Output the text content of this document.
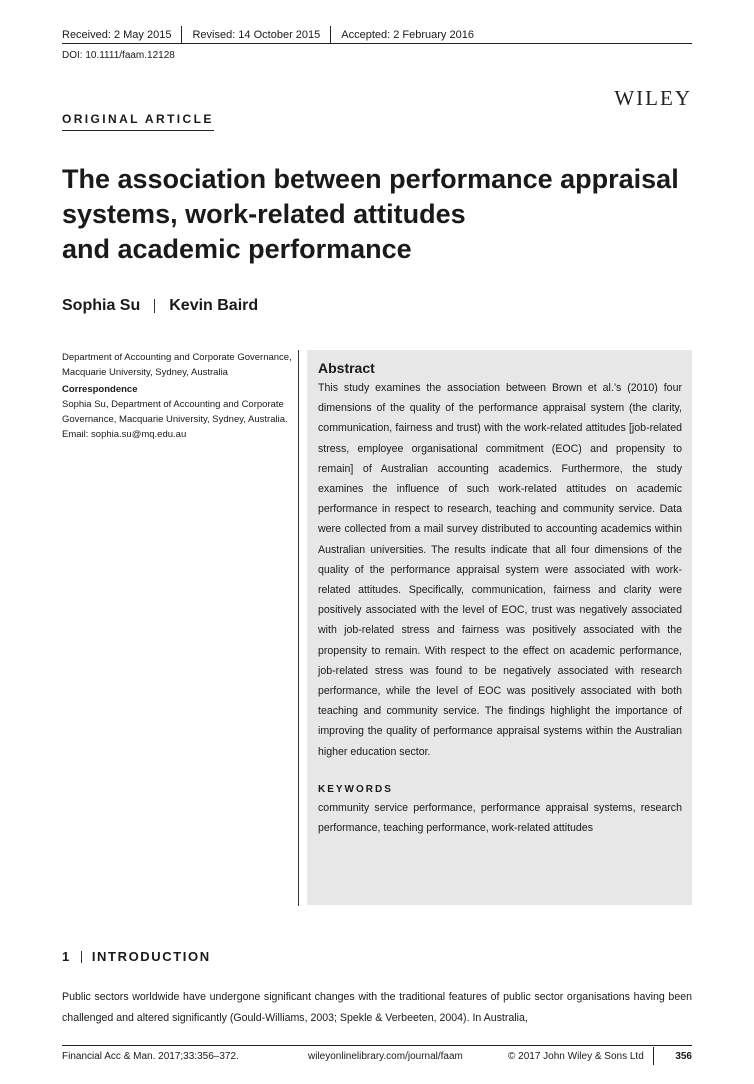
Received: 2 May 2015	Revised: 14 October 2015	Accepted: 2 February 2016
DOI: 10.1111/faam.12128
WILEY
ORIGINAL ARTICLE
The association between performance appraisal
systems, work-related attitudes
and academic performance
Sophia Su Kevin Baird

Department of Accounting and Corporate Governance, Macquarie University, Sydney, Australia

Correspondence

Sophia Su, Department of Accounting and Corporate Governance, Macquarie University, Sydney, Australia.

Email: sophia.su@mq.edu.au

Abstract

This study examines the association between Brown et al.’s (2010) four dimensions of the quality of the performance appraisal system (the clarity, communication, fairness and trust) with the work-related attitudes [job-related stress, employee organisational commitment (EOC) and propensity to remain] of Australian accounting academics. Furthermore, the study examines the influence of such work-related attitudes on academic performance in respect to research, teaching and community service. Data were collected from a mail survey distributed to accounting academics within Australian universities. The results indicate that all four dimensions of the quality of the performance appraisal system were associated with work-related attitudes. Specifically, communication, fairness and clarity were positively associated with the level of EOC, trust was negatively associated with job-related stress and fairness was positively associated with the propensity to remain. With respect to the effect on academic performance, job-related stress was found to be negatively associated with research performance, while the level of EOC was positively associated with both teaching and community service. The findings highlight the importance of improving the quality of performance appraisal systems within the Australian higher education sector.

KEYWORDS

community service performance, performance appraisal systems, research performance, teaching performance, work-related attitudes

1 INTRODUCTION

Public sectors worldwide have undergone significant changes with the traditional features of public sector organisations having been challenged and altered significantly (Gould-Williams, 2003; Spekle & Verbeeten, 2004). In Australia,

Financial Acc & Man. 2017;33:356–372.	wileyonlinelibrary.com/journal/faam	© 2017 John Wiley & Sons Ltd	356
